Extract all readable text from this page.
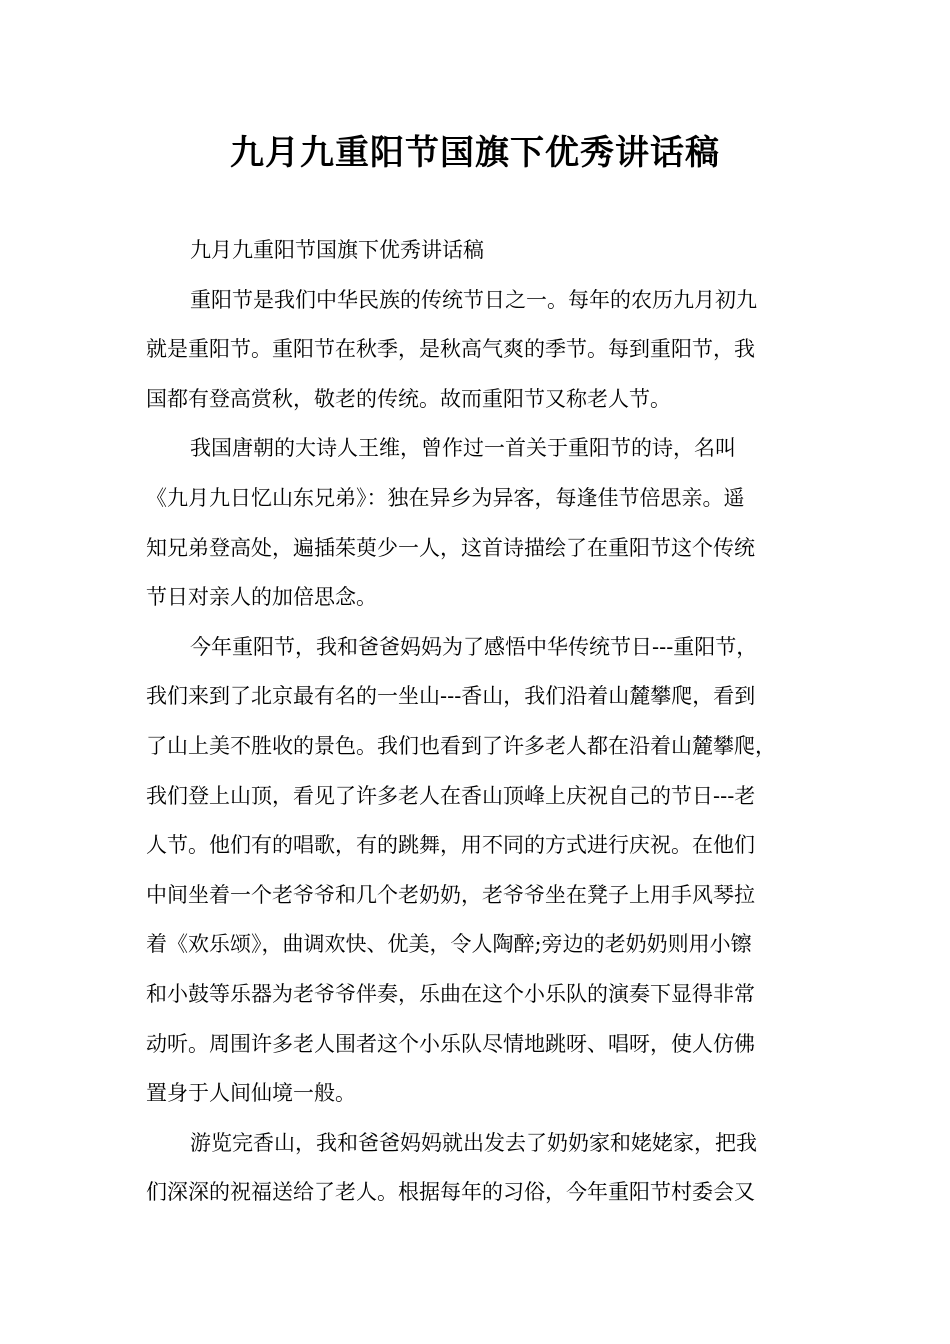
九月九重阳节国旗下优秀讲话稿
九月九重阳节国旗下优秀讲话稿
重阳节是我们中华民族的传统节日之一。每年的农历九月初九
就是重阳节。重阳节在秋季，是秋高气爽的季节。每到重阳节，我
国都有登高赏秋，敬老的传统。故而重阳节又称老人节。
我国唐朝的大诗人王维，曾作过一首关于重阳节的诗，名叫
《九月九日忆山东兄弟》：独在异乡为异客，每逢佳节倍思亲。遥
知兄弟登高处，遍插茱萸少一人，这首诗描绘了在重阳节这个传统
节日对亲人的加倍思念。
今年重阳节，我和爸爸妈妈为了感悟中华传统节日---重阳节，
我们来到了北京最有名的一坐山---香山，我们沿着山麓攀爬，看到
了山上美不胜收的景色。我们也看到了许多老人都在沿着山麓攀爬，
我们登上山顶，看见了许多老人在香山顶峰上庆祝自己的节日---老
人节。他们有的唱歌，有的跳舞，用不同的方式进行庆祝。在他们
中间坐着一个老爷爷和几个老奶奶，老爷爷坐在凳子上用手风琴拉
着《欢乐颂》，曲调欢快、优美，令人陶醉;旁边的老奶奶则用小镲
和小鼓等乐器为老爷爷伴奏，乐曲在这个小乐队的演奏下显得非常
动听。周围许多老人围者这个小乐队尽情地跳呀、唱呀，使人仿佛
置身于人间仙境一般。
游览完香山，我和爸爸妈妈就出发去了奶奶家和姥姥家，把我
们深深的祝福送给了老人。根据每年的习俗，今年重阳节村委会又
